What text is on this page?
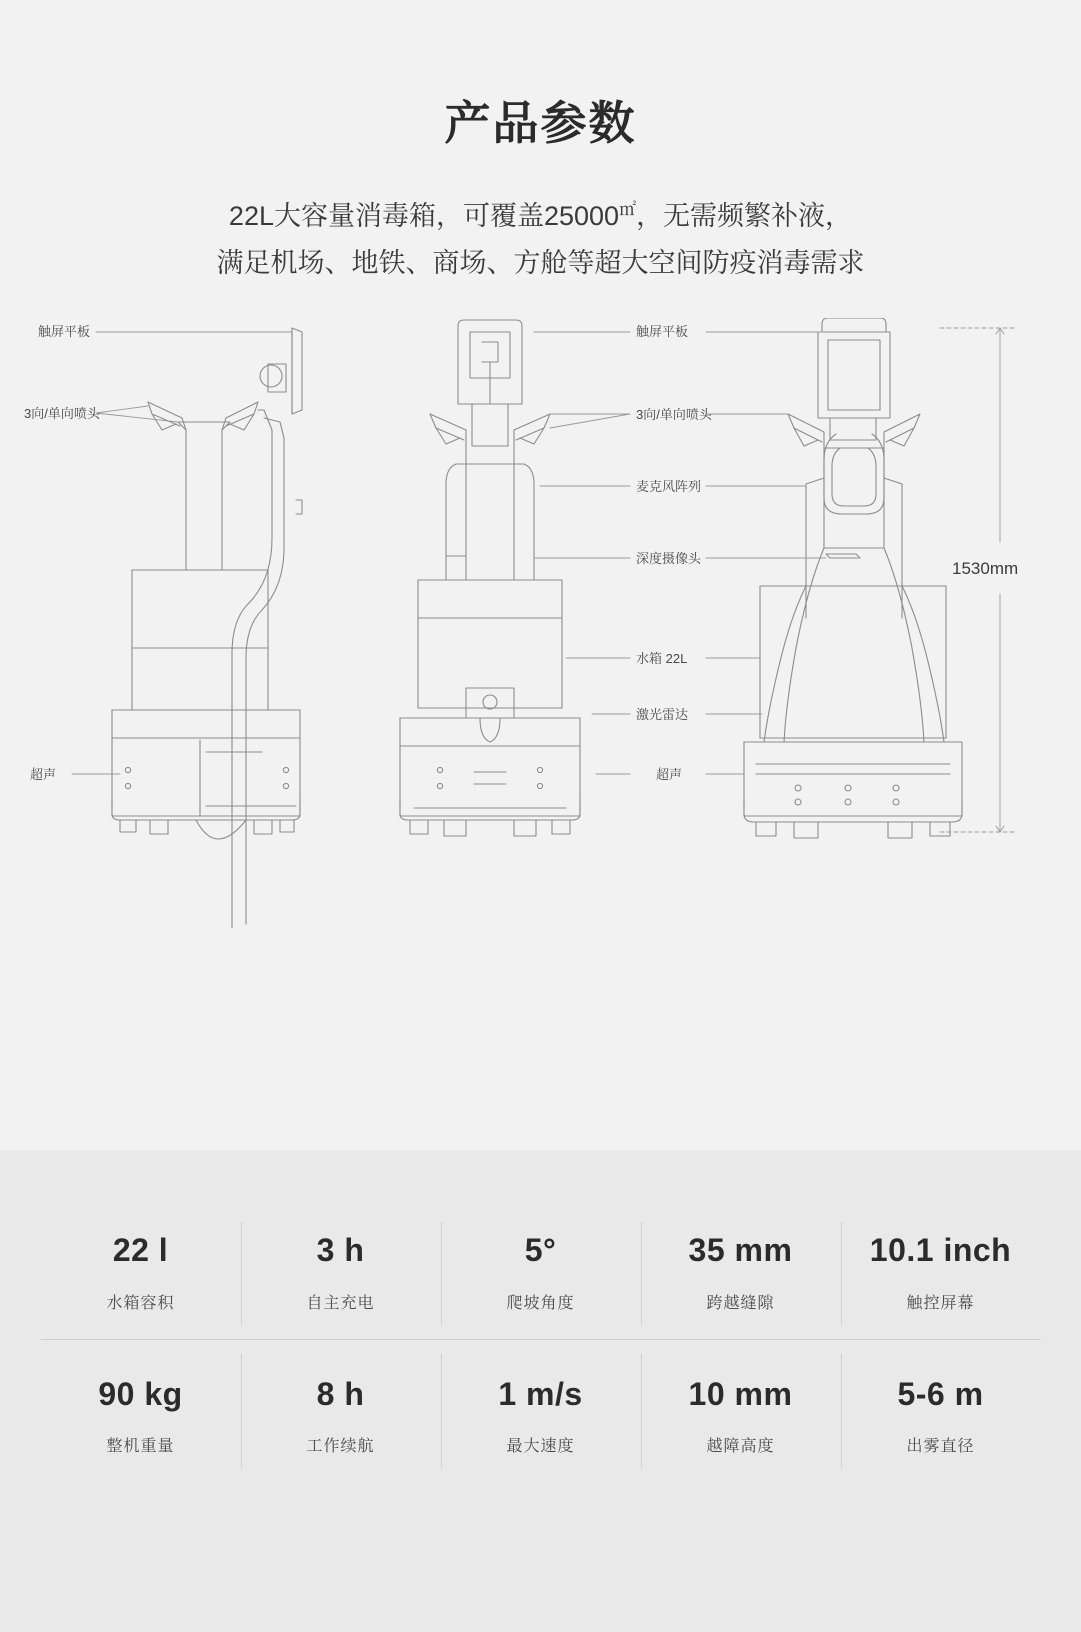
产品参数

22L大容量消毒箱，可覆盖25000㎡，无需频繁补液，
满足机场、地铁、商场、方舱等超大空间防疫消毒需求

触屏平板
3向/单向喷头
超声
触屏平板
3向/单向喷头
麦克风阵列
深度摄像头
水箱 22L
激光雷达
超声
1530mm
22 l
水箱容积
3 h
自主充电
5°
爬坡角度
35 mm
跨越缝隙
10.1 inch
触控屏幕
90 kg
整机重量
8 h
工作续航
1 m/s
最大速度
10 mm
越障高度
5-6 m
出雾直径
